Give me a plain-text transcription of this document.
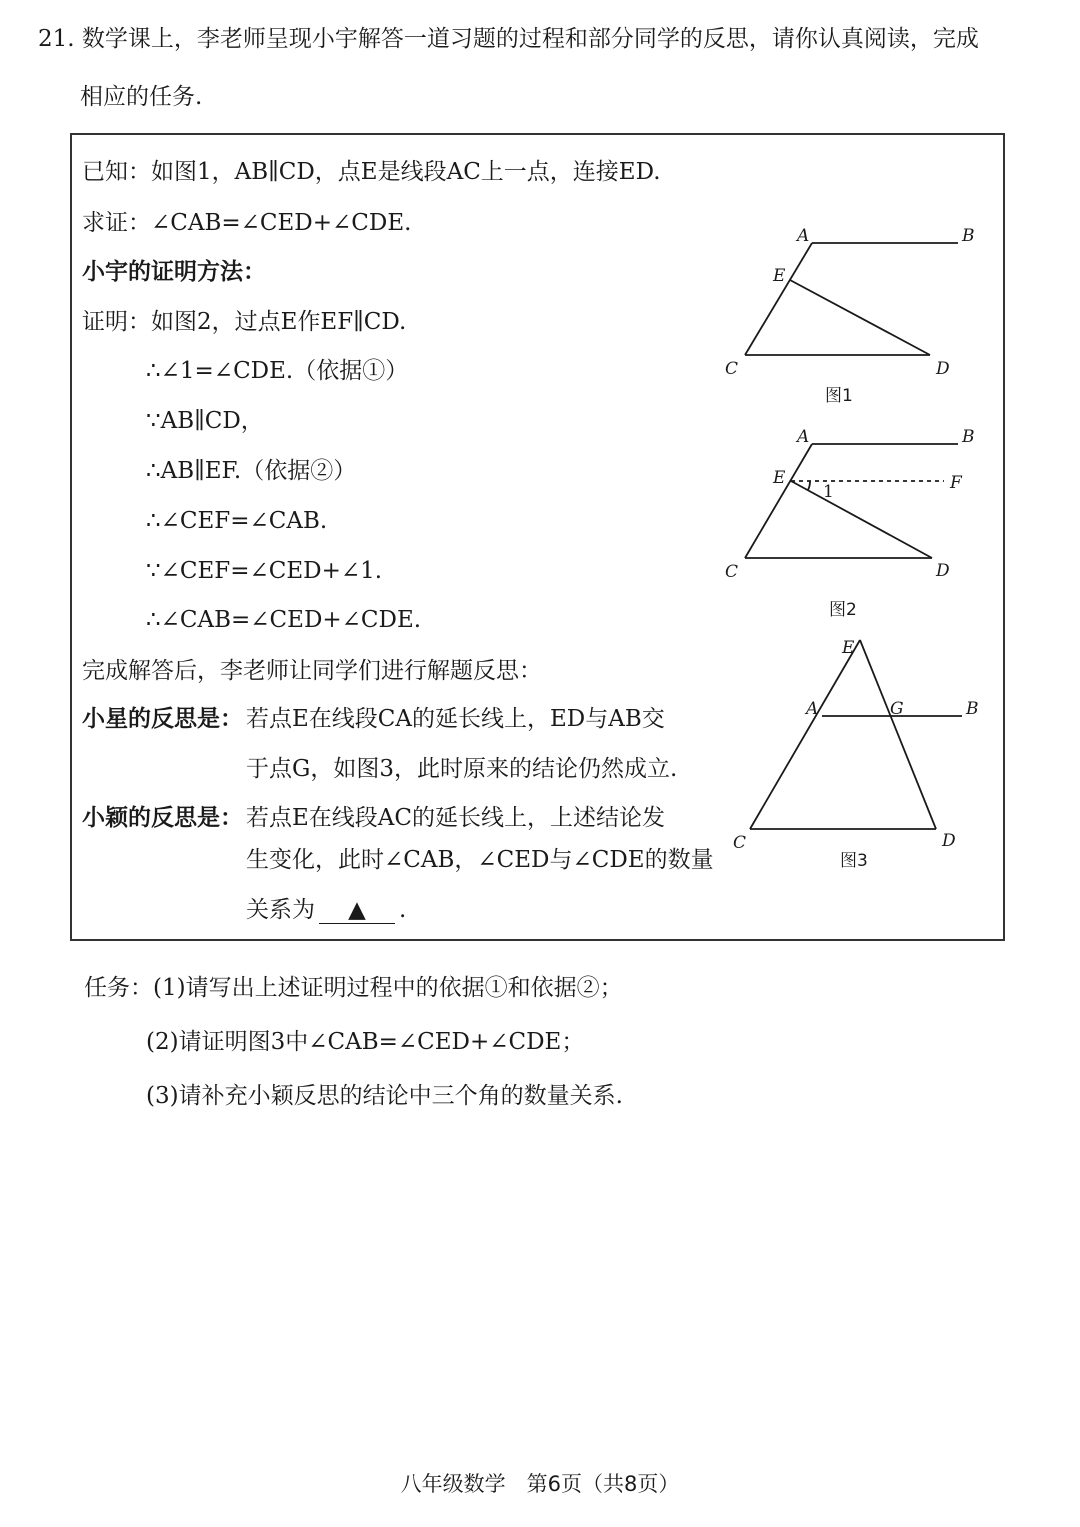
21. 数学课上，李老师呈现小宇解答一道习题的过程和部分同学的反思，请你认真阅读，完成
相应的任务.
已知：如图1，AB∥CD，点E是线段AC上一点，连接ED.
求证：∠CAB=∠CED+∠CDE.
小宇的证明方法：
证明：如图2，过点E作EF∥CD.
∴∠1=∠CDE.（依据①）
∵AB∥CD，
∴AB∥EF.（依据②）
∴∠CEF=∠CAB.
∵∠CEF=∠CED+∠1.
∴∠CAB=∠CED+∠CDE.
完成解答后，李老师让同学们进行解题反思：
小星的反思是： 若点E在线段CA的延长线上，ED与AB交
于点G，如图3，此时原来的结论仍然成立.
小颖的反思是： 若点E在线段AC的延长线上，上述结论发
生变化，此时∠CAB，∠CED与∠CDE的数量
关系为 ▲ .
A	B
E
C	D
图1
A	B
E	F
1
C	D
图2
E
A	G	B
C	D
图3
任务：(1)请写出上述证明过程中的依据①和依据②；
(2)请证明图3中∠CAB=∠CED+∠CDE；
(3)请补充小颖反思的结论中三个角的数量关系.
八年级数学　第6页（共8页）
